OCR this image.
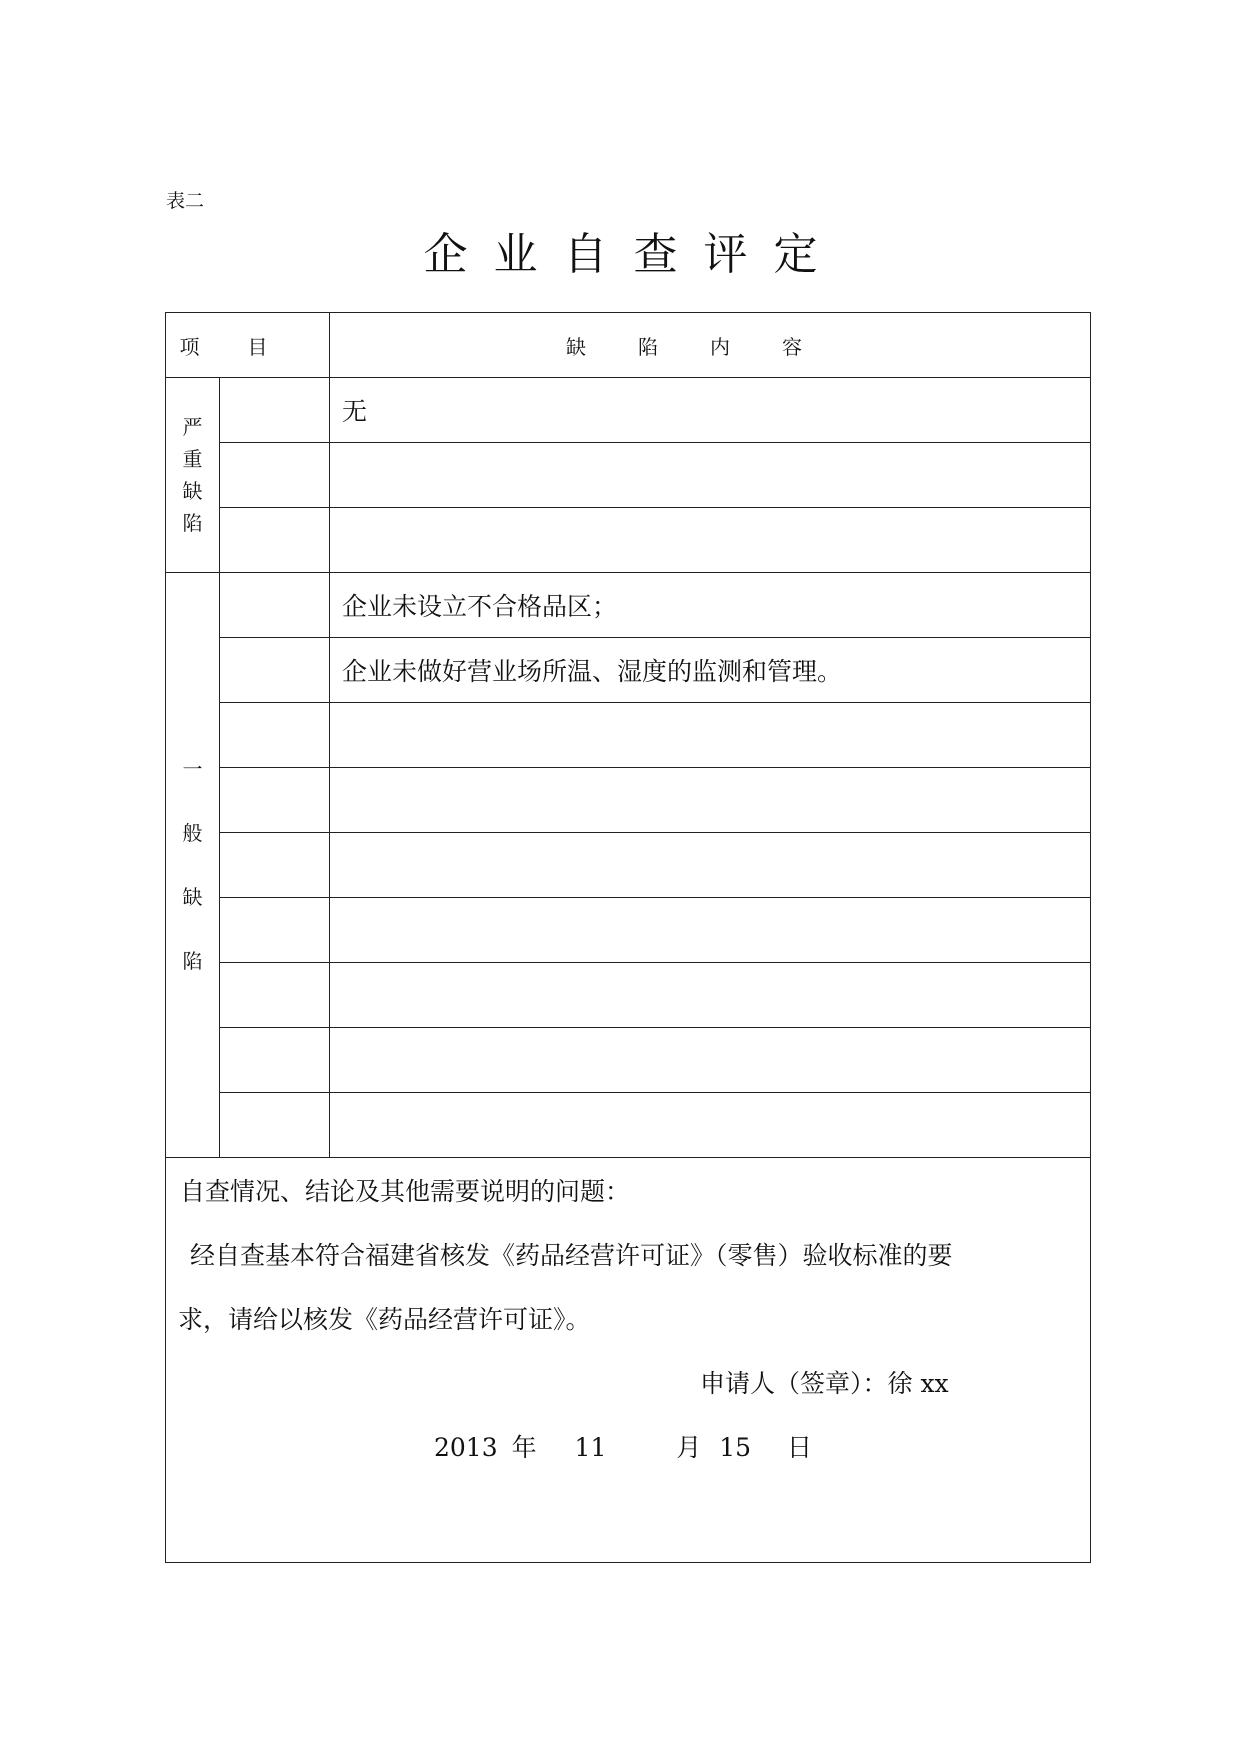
表二
企业自查评定
项目		缺陷内容
严
重
缺
陷		无

一
般
缺
陷		企业未设立不合格品区；
		企业未做好营业场所温、湿度的监测和管理。

自查情况、结论及其他需要说明的问题：
经自查基本符合福建省核发《药品经营许可证》（零售）验收标准的要
求，请给以核发《药品经营许可证》。
申请人（签章）：徐 xx
2013 年 11 月 15 日		
